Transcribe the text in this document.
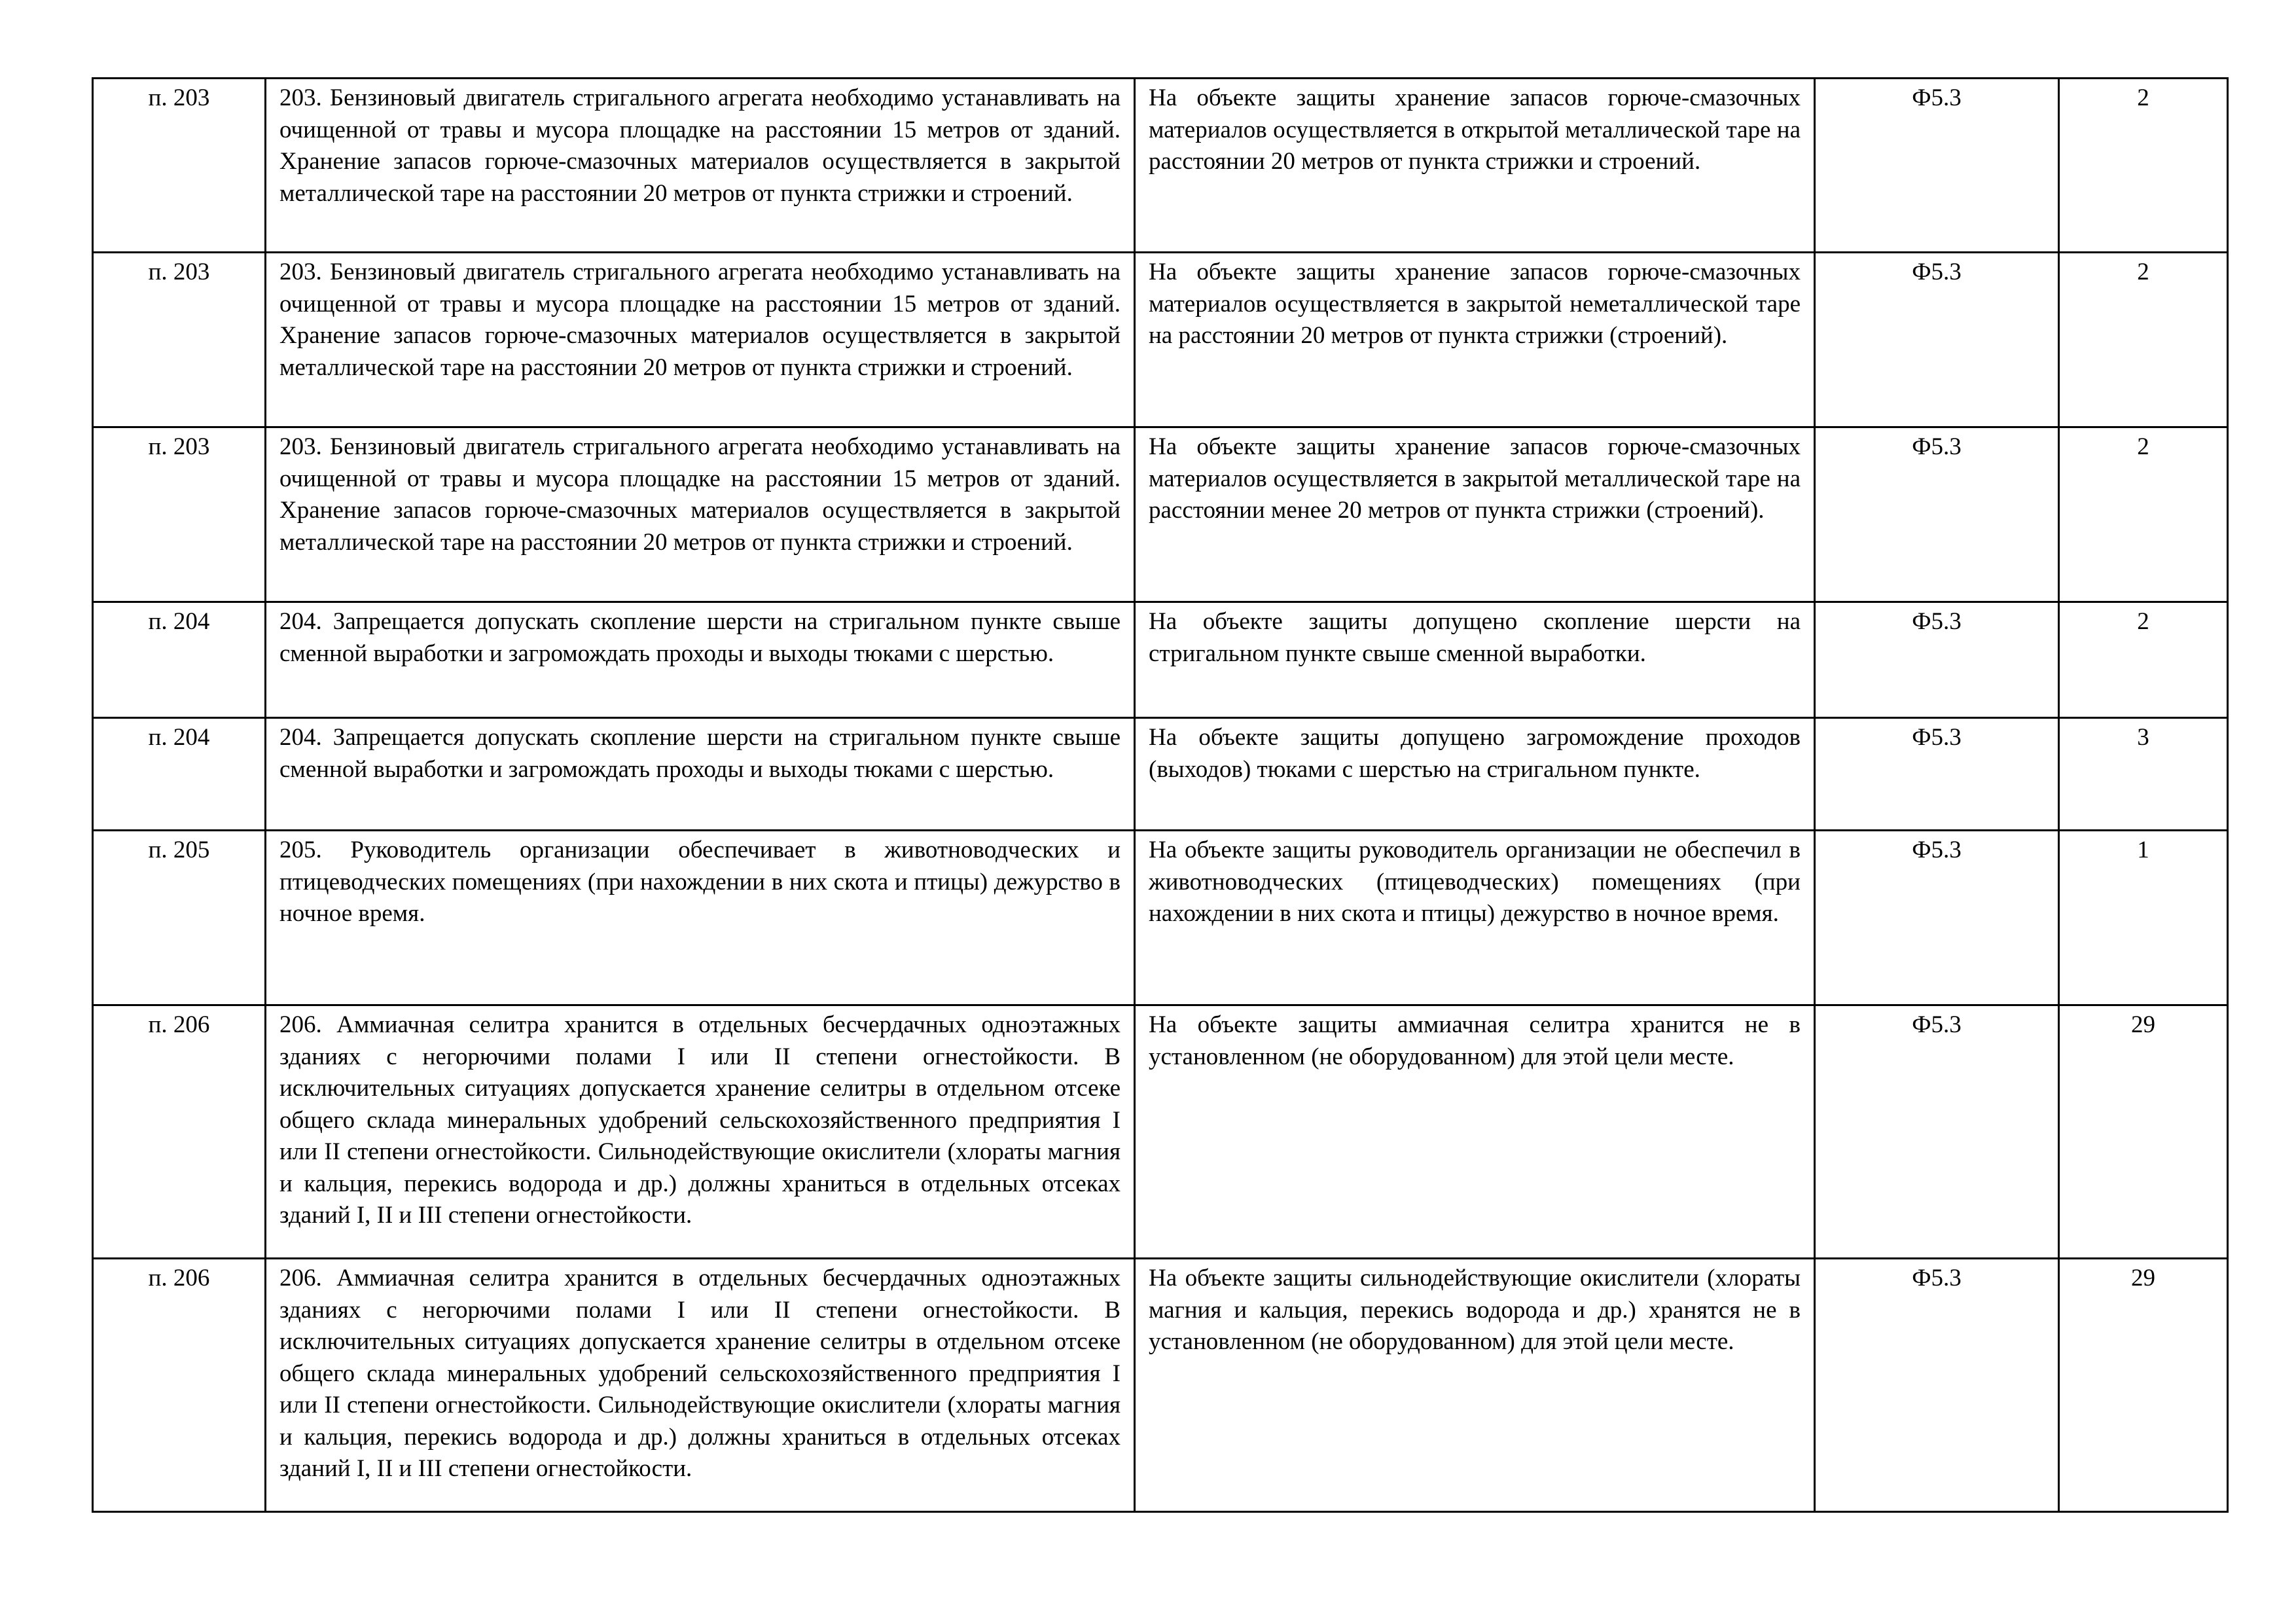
п. 203	203. Бензиновый двигатель стригального агрегата необходимо устанавливать на очищенной от травы и мусора площадке на расстоянии 15 метров от зданий. Хранение запасов горюче-смазочных материалов осуществляется в закрытой металлической таре на расстоянии 20 метров от пункта стрижки и строений.	На объекте защиты хранение запасов горюче-смазочных материалов осуществляется в открытой металлической таре на расстоянии 20 метров от пункта стрижки и строений.	Ф5.3	2

п. 203	203. Бензиновый двигатель стригального агрегата необходимо устанавливать на очищенной от травы и мусора площадке на расстоянии 15 метров от зданий. Хранение запасов горюче-смазочных материалов осуществляется в закрытой металлической таре на расстоянии 20 метров от пункта стрижки и строений.	На объекте защиты хранение запасов горюче-смазочных материалов осуществляется в закрытой неметаллической таре на расстоянии 20 метров от пункта стрижки (строений).	Ф5.3	2

п. 203	203. Бензиновый двигатель стригального агрегата необходимо устанавливать на очищенной от травы и мусора площадке на расстоянии 15 метров от зданий. Хранение запасов горюче-смазочных материалов осуществляется в закрытой металлической таре на расстоянии 20 метров от пункта стрижки и строений.	На объекте защиты хранение запасов горюче-смазочных материалов осуществляется в закрытой металлической таре на расстоянии менее 20 метров от пункта стрижки (строений).	Ф5.3	2

п. 204	204. Запрещается допускать скопление шерсти на стригальном пункте свыше сменной выработки и загромождать проходы и выходы тюками с шерстью.	На объекте защиты допущено скопление шерсти на стригальном пункте свыше сменной выработки.	Ф5.3	2

п. 204	204. Запрещается допускать скопление шерсти на стригальном пункте свыше сменной выработки и загромождать проходы и выходы тюками с шерстью.	На объекте защиты допущено загромождение проходов (выходов) тюками с шерстью на стригальном пункте.	Ф5.3	3

п. 205	205. Руководитель организации обеспечивает в животноводческих и птицеводческих помещениях (при нахождении в них скота и птицы) дежурство в ночное время.	На объекте защиты руководитель организации не обеспечил в животноводческих (птицеводческих) помещениях (при нахождении в них скота и птицы) дежурство в ночное время.	Ф5.3	1

п. 206	206. Аммиачная селитра хранится в отдельных бесчердачных одноэтажных зданиях с негорючими полами I или II степени огнестойкости. В исключительных ситуациях допускается хранение селитры в отдельном отсеке общего склада минеральных удобрений сельскохозяйственного предприятия I или II степени огнестойкости. Сильнодействующие окислители (хлораты магния и кальция, перекись водорода и др.) должны храниться в отдельных отсеках зданий I, II и III степени огнестойкости.	На объекте защиты аммиачная селитра хранится не в установленном (не оборудованном) для этой цели месте.	Ф5.3	29

п. 206	206. Аммиачная селитра хранится в отдельных бесчердачных одноэтажных зданиях с негорючими полами I или II степени огнестойкости. В исключительных ситуациях допускается хранение селитры в отдельном отсеке общего склада минеральных удобрений сельскохозяйственного предприятия I или II степени огнестойкости. Сильнодействующие окислители (хлораты магния и кальция, перекись водорода и др.) должны храниться в отдельных отсеках зданий I, II и III степени огнестойкости.	На объекте защиты сильнодействующие окислители (хлораты магния и кальция, перекись водорода и др.) хранятся не в установленном (не оборудованном) для этой цели месте.	Ф5.3	29
